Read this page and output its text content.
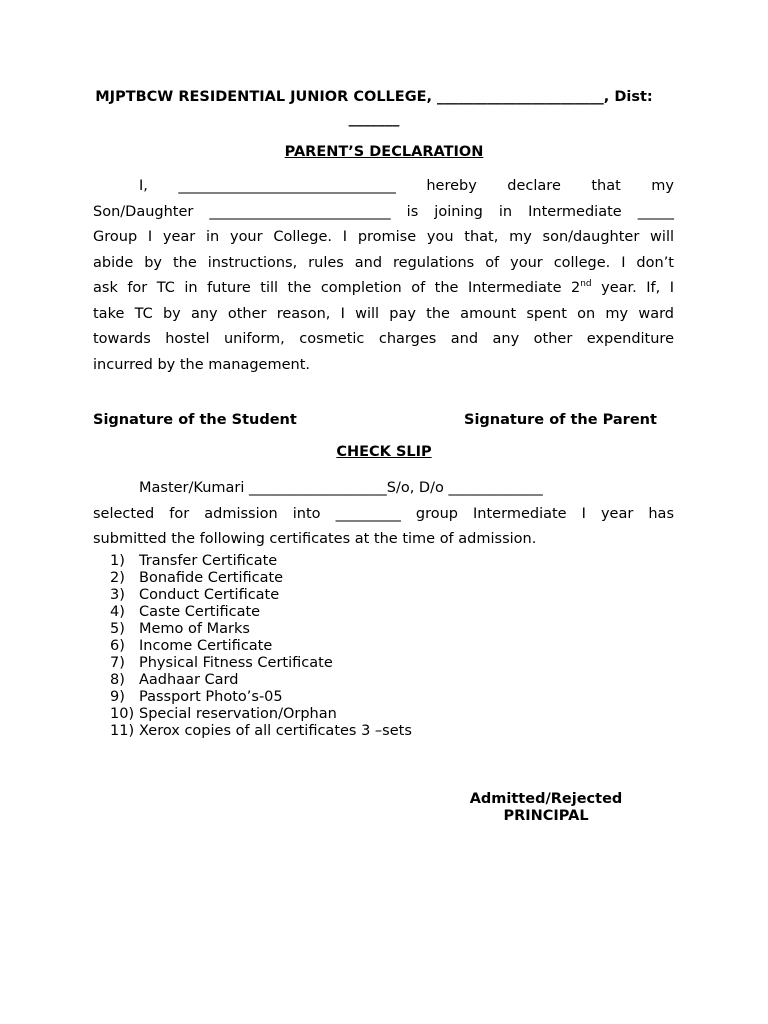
MJPTBCW RESIDENTIAL JUNIOR COLLEGE, _______________________, Dist:
_______
PARENT’S DECLARATION
I, ______________________________ hereby declare that my
Son/Daughter _________________________ is joining in Intermediate _____
Group I year in your College. I promise you that, my son/daughter will
abide by the instructions, rules and regulations of your college. I don’t
ask for TC in future till the completion of the Intermediate 2nd year. If, I
take TC by any other reason, I will pay the amount spent on my ward
towards hostel uniform, cosmetic charges and any other expenditure
incurred by the management.
Signature of the Student	Signature of the Parent
CHECK SLIP
Master/Kumari ___________________S/o, D/o _____________
selected for admission into _________ group Intermediate I year has
submitted the following certificates at the time of admission.
1) Transfer Certificate
2) Bonafide Certificate
3) Conduct Certificate
4) Caste Certificate
5) Memo of Marks
6) Income Certificate
7) Physical Fitness Certificate
8) Aadhaar Card
9) Passport Photo’s-05
10) Special reservation/Orphan
11) Xerox copies of all certificates 3 –sets
Admitted/Rejected
PRINCIPAL
